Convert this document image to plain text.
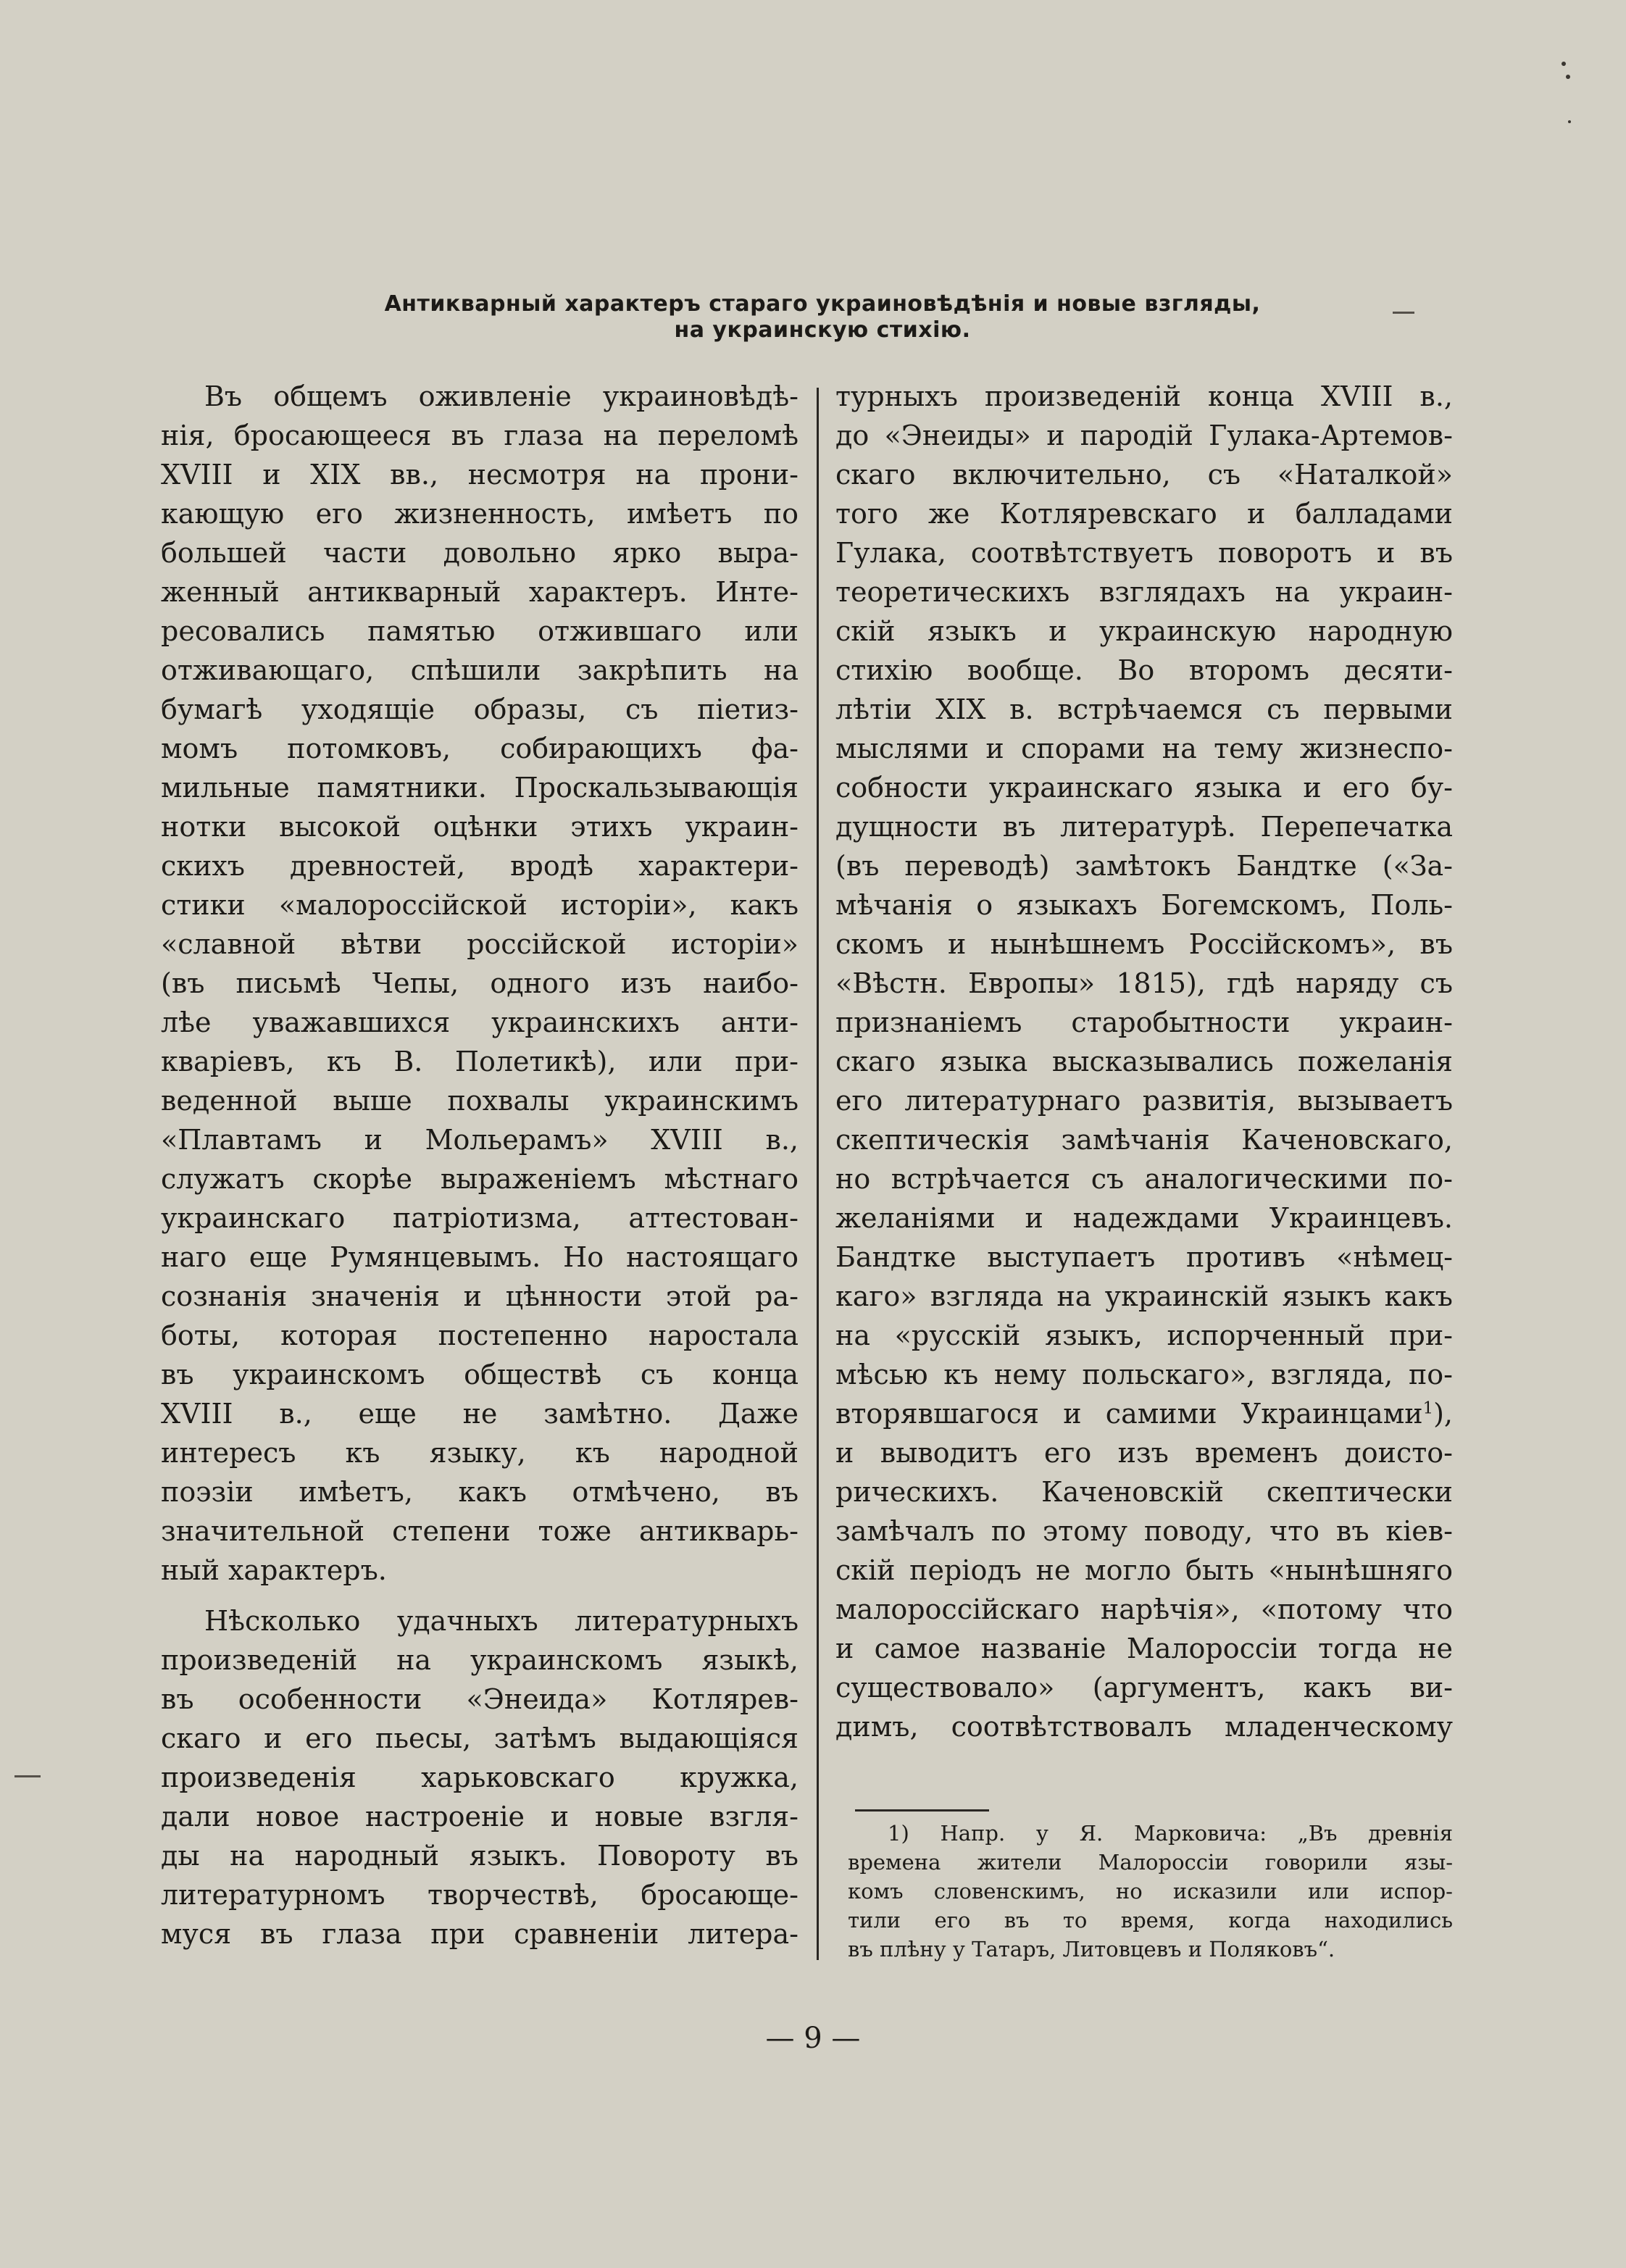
Антикварный характеръ стараго украиновѣдѣнія и новые взгляды,
на украинскую стихію.
Въ общемъ оживленіе украиновѣдѣ-
нія, бросающееся въ глаза на переломѣ
XVIII и XIX вв., несмотря на прони-
кающую его жизненность, имѣетъ по
большей части довольно ярко выра-
женный антикварный характеръ. Инте-
ресовались памятью отжившаго или
отживающаго, спѣшили закрѣпить на
бумагѣ уходящіе образы, съ піетиз-
момъ потомковъ, собирающихъ фа-
мильные памятники. Проскальзывающія
нотки высокой оцѣнки этихъ украин-
скихъ древностей, вродѣ характери-
стики «малороссійской исторіи», какъ
«славной вѣтви россійской исторіи»
(въ письмѣ Чепы, одного изъ наибо-
лѣе уважавшихся украинскихъ анти-
кваріевъ, къ В. Полетикѣ), или при-
веденной выше похвалы украинскимъ
«Плавтамъ и Мольерамъ» XVIII в.,
служатъ скорѣе выраженіемъ мѣстнаго
украинскаго патріотизма, аттестован-
наго еще Румянцевымъ. Но настоящаго
сознанія значенія и цѣнности этой ра-
боты, которая постепенно наростала
въ украинскомъ обществѣ съ конца
XVIII в., еще не замѣтно. Даже
интересъ къ языку, къ народной
поэзіи имѣетъ, какъ отмѣчено, въ
значительной степени тоже антикварь-
ный характеръ.
Нѣсколько удачныхъ литературныхъ
произведеній на украинскомъ языкѣ,
въ особенности «Энеида» Котлярев-
скаго и его пьесы, затѣмъ выдающіяся
произведенія харьковскаго кружка,
дали новое настроеніе и новые взгля-
ды на народный языкъ. Повороту въ
литературномъ творчествѣ, бросающе-
муся въ глаза при сравненіи литера-
турныхъ произведеній конца XVIII в.,
до «Энеиды» и пародій Гулака-Артемов-
скаго включительно, съ «Наталкой»
того же Котляревскаго и балладами
Гулака, соотвѣтствуетъ поворотъ и въ
теоретическихъ взглядахъ на украин-
скій языкъ и украинскую народную
стихію вообще. Во второмъ десяти-
лѣтіи XIX в. встрѣчаемся съ первыми
мыслями и спорами на тему жизнеспо-
собности украинскаго языка и его бу-
дущности въ литературѣ. Перепечатка
(въ переводѣ) замѣтокъ Бандтке («За-
мѣчанія о языкахъ Богемскомъ, Поль-
скомъ и нынѣшнемъ Россійскомъ», въ
«Вѣстн. Европы» 1815), гдѣ наряду съ
признаніемъ старобытности украин-
скаго языка высказывались пожеланія
его литературнаго развитія, вызываетъ
скептическія замѣчанія Каченовскаго,
но встрѣчается съ аналогическими по-
желаніями и надеждами Украинцевъ.
Бандтке выступаетъ противъ «нѣмец-
каго» взгляда на украинскій языкъ какъ
на «русскій языкъ, испорченный при-
мѣсью къ нему польскаго», взгляда, по-
вторявшагося и самими Украинцами$^1$),
и выводитъ его изъ временъ доисто-
рическихъ. Каченовскій скептически
замѣчалъ по этому поводу, что въ кіев-
скій періодъ не могло быть «нынѣшняго
малороссійскаго нарѣчія», «потому что
и самое названіе Малороссіи тогда не
существовало» (аргументъ, какъ ви-
димъ, соотвѣтствовалъ младенческому
1) Напр. у Я. Марковича: „Въ древнія
времена жители Малороссіи говорили язы-
комъ словенскимъ, но исказили или испор-
тили его въ то время, когда находились
въ плѣну у Татаръ, Литовцевъ и Поляковъ“.
— 9 —
